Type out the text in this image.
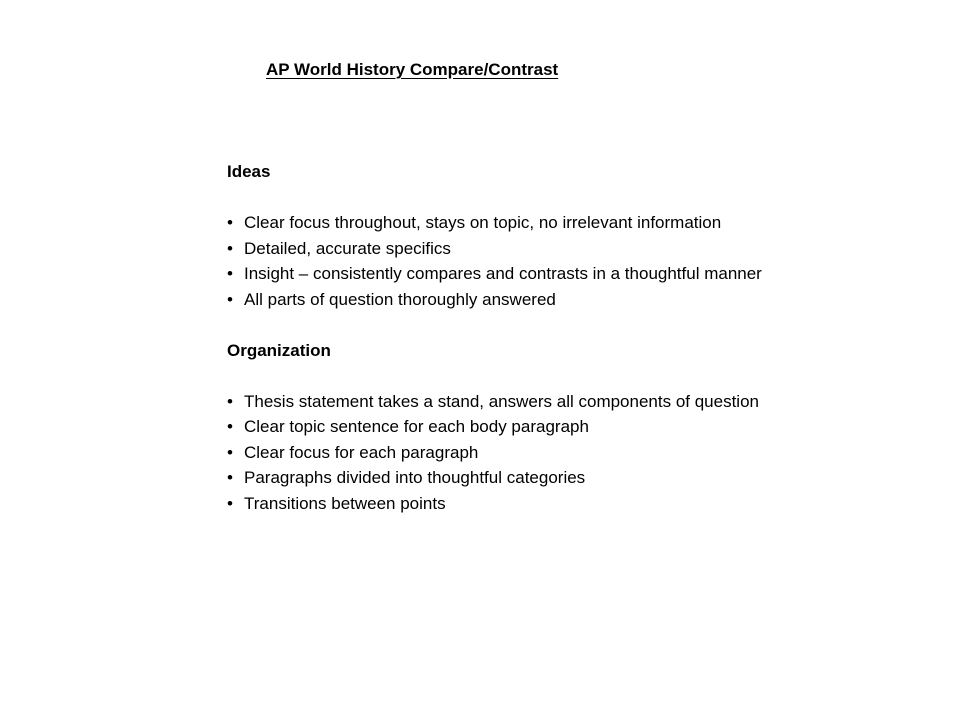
AP World History Compare/Contrast

Ideas

• Clear focus throughout, stays on topic, no irrelevant information
• Detailed, accurate specifics
• Insight – consistently compares and contrasts in a thoughtful manner
• All parts of question thoroughly answered

Organization

• Thesis statement takes a stand, answers all components of question
• Clear topic sentence for each body paragraph
• Clear focus for each paragraph
• Paragraphs divided into thoughtful categories
• Transitions between points
